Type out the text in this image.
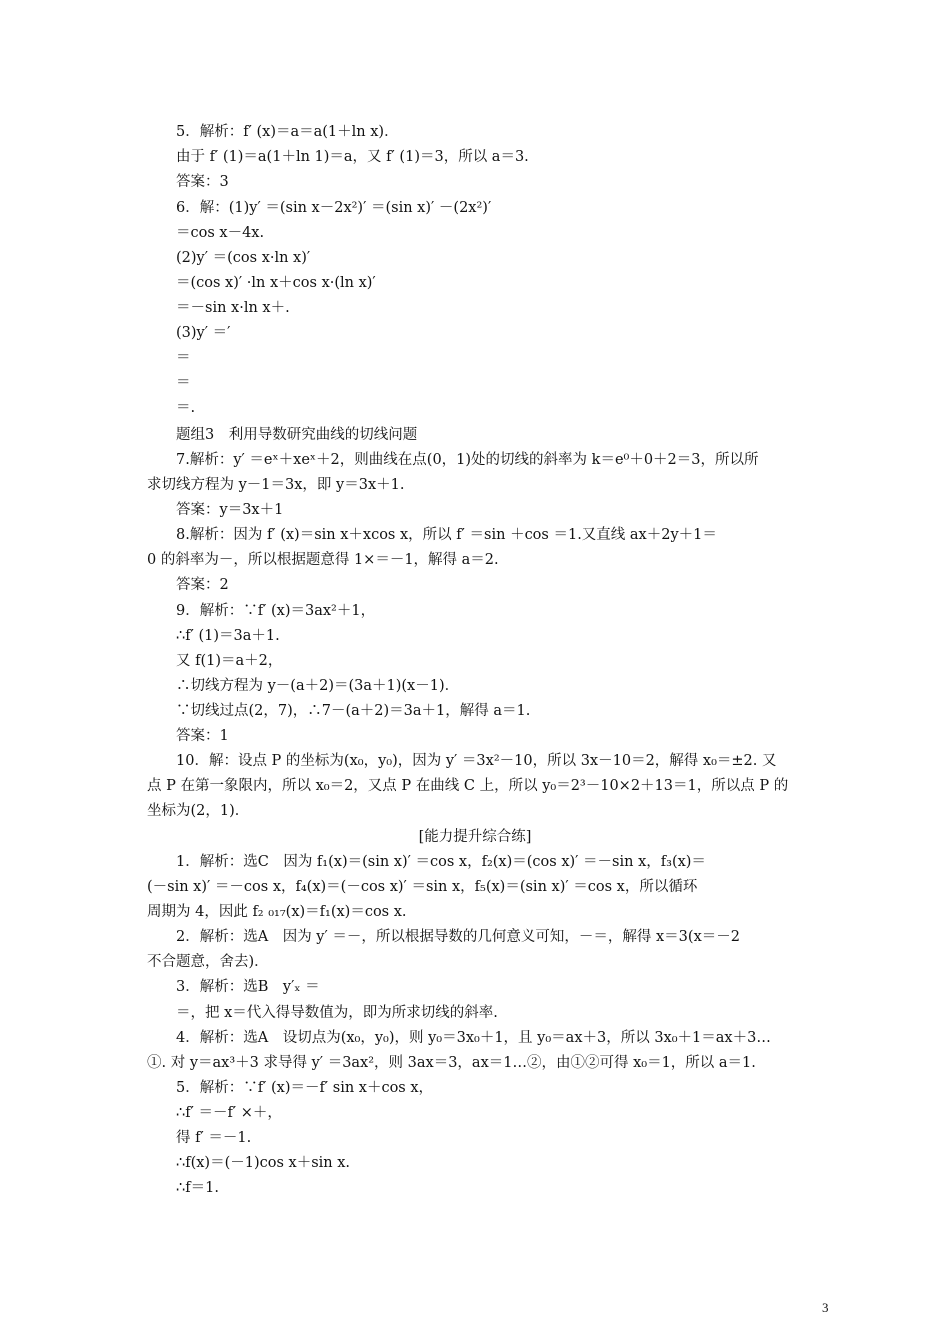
5．解析：f′ (x)＝a＝a(1＋ln x)．
由于 f′ (1)＝a(1＋ln 1)＝a，又 f′ (1)＝3，所以 a＝3.
答案：3
6．解：(1)y′ ＝(sin x－2x²)′ ＝(sin x)′ －(2x²)′
＝cos x－4x.
(2)y′ ＝(cos x·ln x)′
＝(cos x)′ ·ln x＋cos x·(ln x)′
＝－sin x·ln x＋.
(3)y′ ＝′
＝
＝
＝.
题组3　利用导数研究曲线的切线问题
7.解析：y′ ＝eˣ＋xeˣ＋2，则曲线在点(0，1)处的切线的斜率为 k＝e⁰＋0＋2＝3，所以所
求切线方程为 y－1＝3x，即 y＝3x＋1.
答案：y＝3x＋1
8.解析：因为 f′ (x)＝sin x＋xcos x，所以 f′ ＝sin ＋cos ＝1.又直线 ax＋2y＋1＝
0 的斜率为－，所以根据题意得 1×＝－1，解得 a＝2.
答案：2
9．解析：∵f′ (x)＝3ax²＋1，
∴f′ (1)＝3a＋1.
又 f(1)＝a＋2，
∴切线方程为 y－(a＋2)＝(3a＋1)(x－1)．
∵切线过点(2，7)，∴7－(a＋2)＝3a＋1，解得 a＝1.
答案：1
10．解：设点 P 的坐标为(x₀，y₀)，因为 y′ ＝3x²－10，所以 3x－10＝2，解得 x₀＝±2. 又
点 P 在第一象限内，所以 x₀＝2，又点 P 在曲线 C 上，所以 y₀＝2³－10×2＋13＝1，所以点 P 的
坐标为(2，1)．
[能力提升综合练]
1．解析：选C　因为 f₁(x)＝(sin x)′ ＝cos x，f₂(x)＝(cos x)′ ＝－sin x，f₃(x)＝
(－sin x)′ ＝－cos x，f₄(x)＝(－cos x)′ ＝sin x，f₅(x)＝(sin x)′ ＝cos x，所以循环
周期为 4，因此 f₂ ₀₁₇(x)＝f₁(x)＝cos x.
2．解析：选A　因为 y′ ＝－，所以根据导数的几何意义可知，－＝，解得 x＝3(x＝－2
不合题意，舍去)．
3．解析：选B　y′ₓ ＝
＝，把 x＝代入得导数值为，即为所求切线的斜率.
4．解析：选A　设切点为(x₀，y₀)，则 y₀＝3x₀＋1，且 y₀＝ax＋3，所以 3x₀＋1＝ax＋3…
①. 对 y＝ax³＋3 求导得 y′ ＝3ax²，则 3ax＝3，ax＝1…②，由①②可得 x₀＝1，所以 a＝1.
5．解析：∵f′ (x)＝－f′ sin x＋cos x，
∴f′ ＝－f′ ×＋，
得 f′ ＝－1.
∴f(x)＝(－1)cos x＋sin x.
∴f＝1.
3
